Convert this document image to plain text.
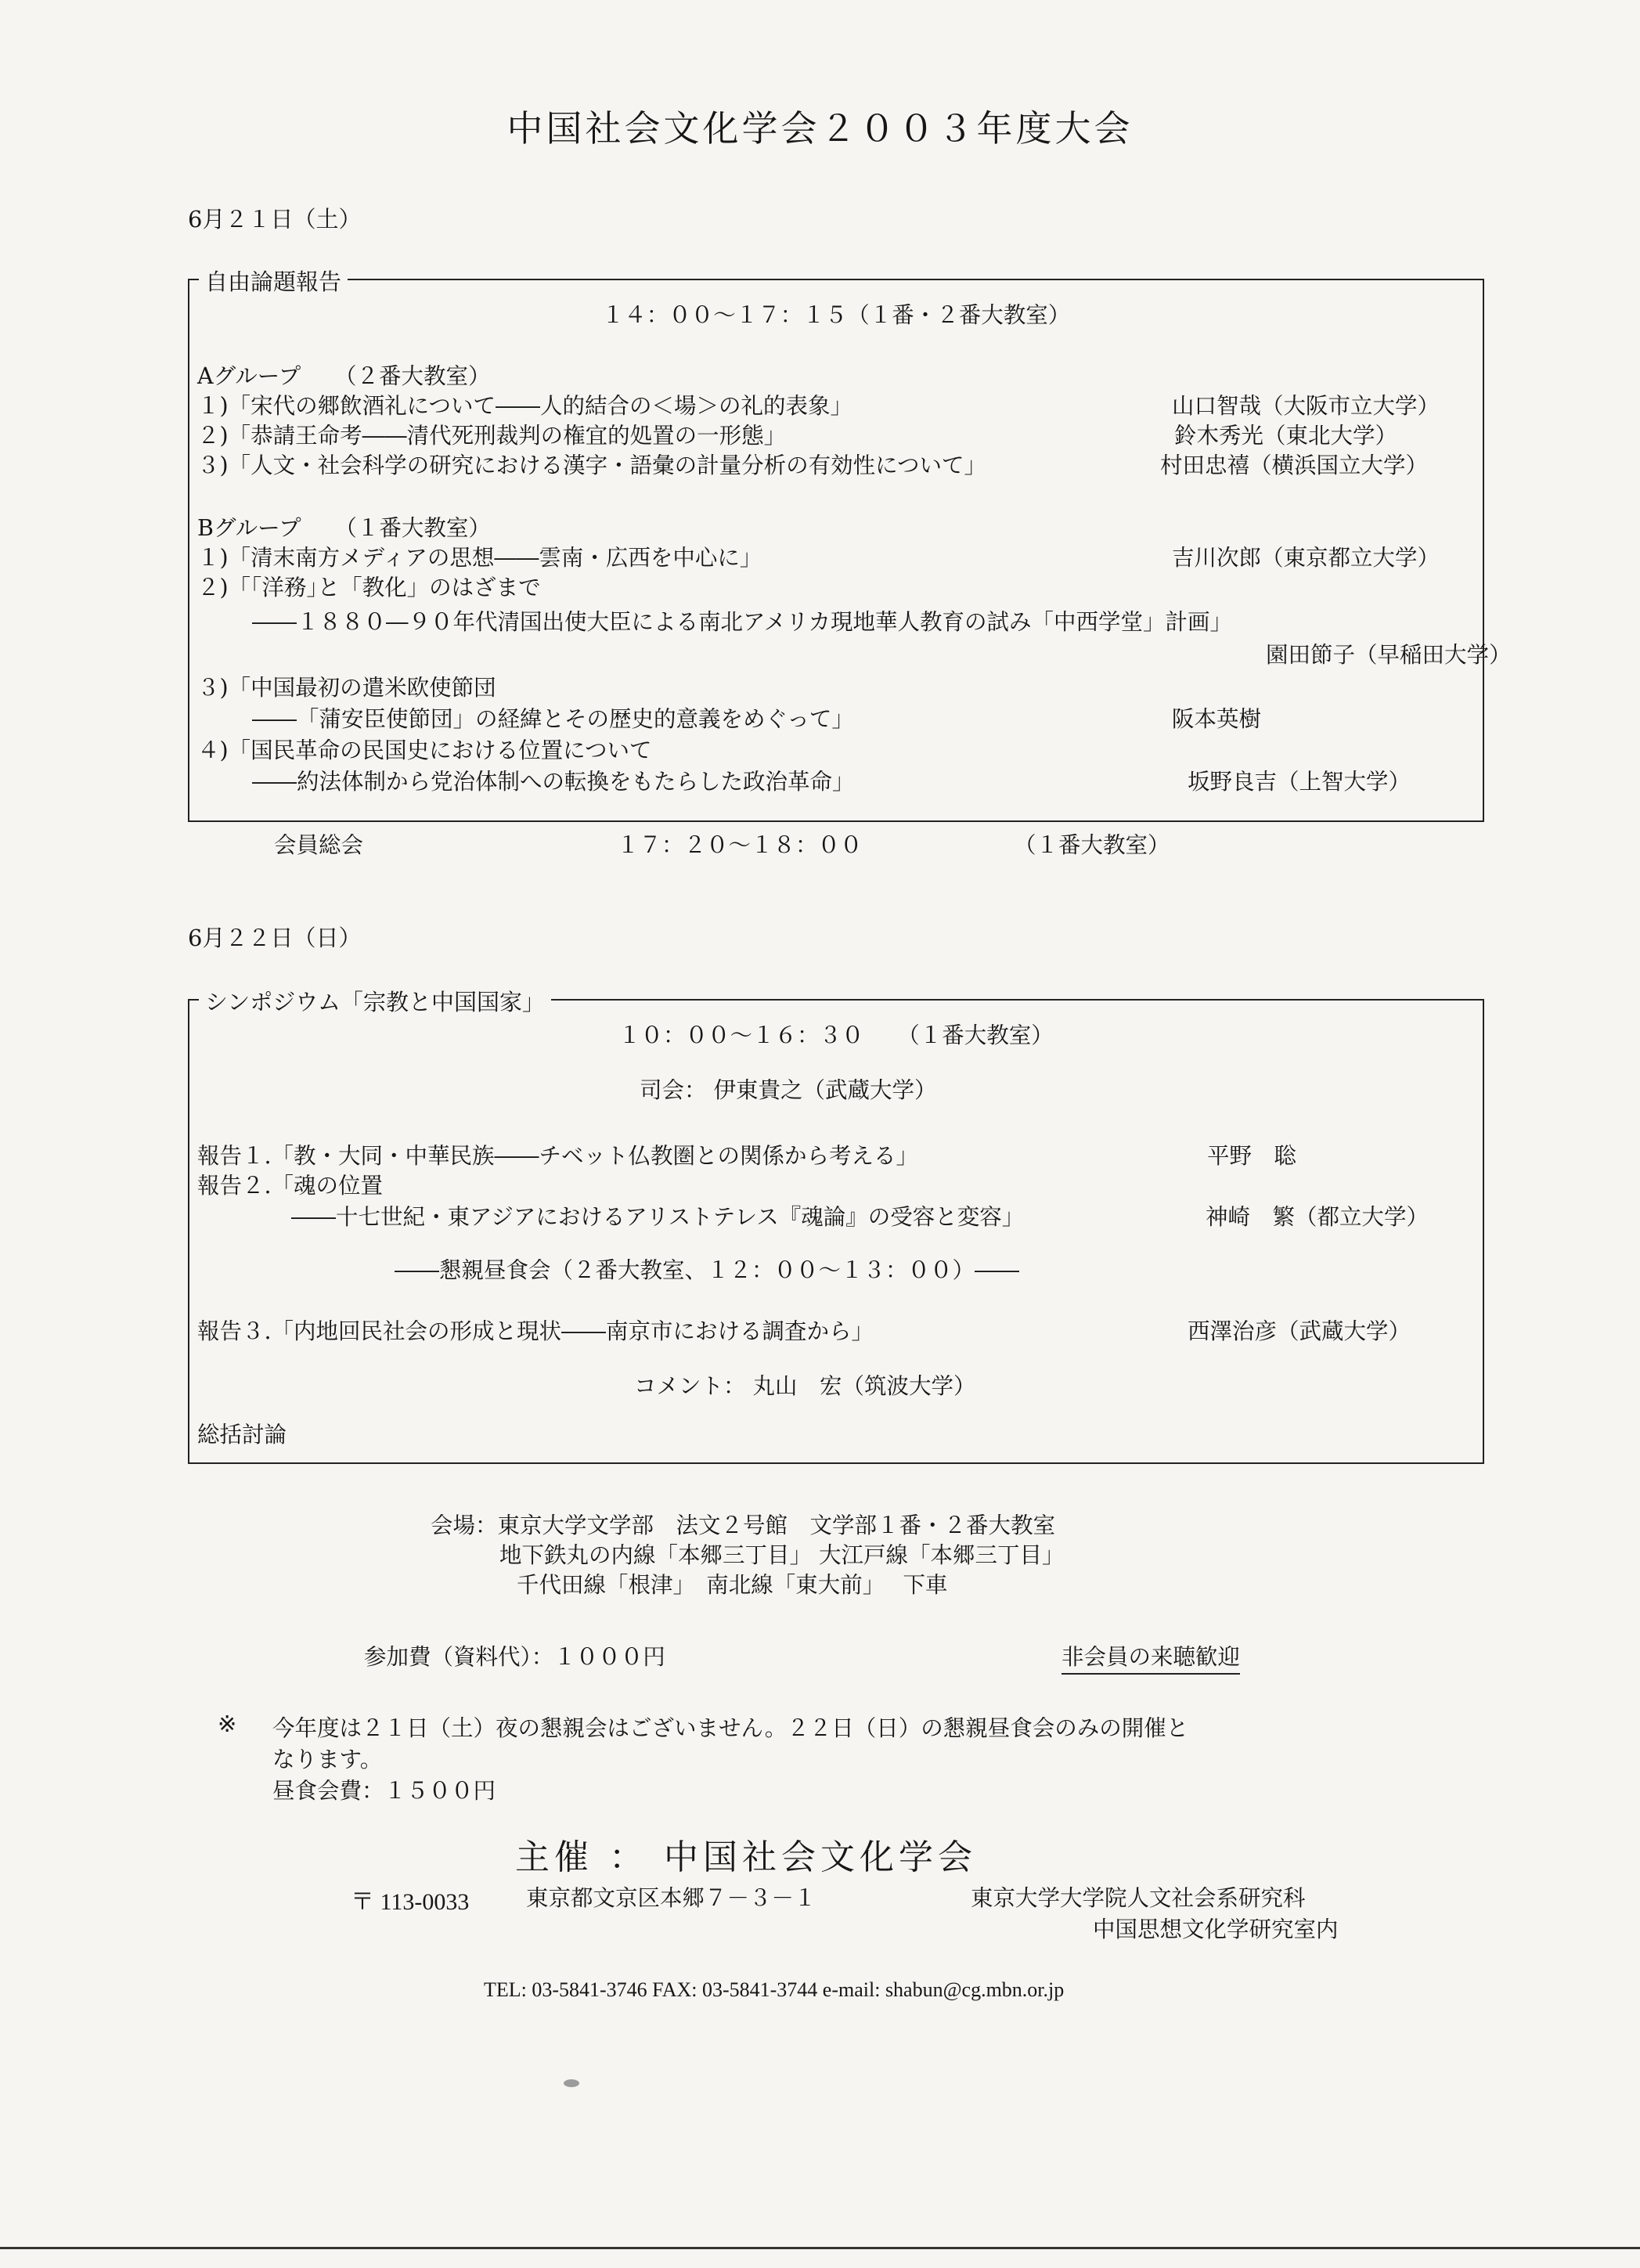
中国社会文化学会２００３年度大会
6月２１日（土）
自由論題報告
１４：００～１７：１５（１番・２番大教室）
Aグループ　　（２番大教室）
１)「宋代の郷飲酒礼について――人的結合の＜場＞の礼的表象」	山口智哉（大阪市立大学）
２)「恭請王命考――清代死刑裁判の権宜的処置の一形態」	鈴木秀光（東北大学）
３)「人文・社会科学の研究における漢字・語彙の計量分析の有効性について」	村田忠禧（横浜国立大学）
Bグループ　　（１番大教室）
１)「清末南方メディアの思想――雲南・広西を中心に」	吉川次郎（東京都立大学）
２)「｢洋務｣と「教化」のはざまで
――１８８０―９０年代清国出使大臣による南北アメリカ現地華人教育の試み「中西学堂」計画」
園田節子（早稲田大学）
３)「中国最初の遣米欧使節団
――「蒲安臣使節団」の経緯とその歴史的意義をめぐって」	阪本英樹
４)「国民革命の民国史における位置について
――約法体制から党治体制への転換をもたらした政治革命」	坂野良吉（上智大学）
会員総会	１７：２０～１８：００	（１番大教室）
6月２２日（日）
シンポジウム「宗教と中国国家」
１０：００～１６：３０　　（１番大教室）
司会： 伊東貴之（武蔵大学）
報告１.「教・大同・中華民族――チベット仏教圏との関係から考える」	平野　聡
報告２.「魂の位置
――十七世紀・東アジアにおけるアリストテレス『魂論』の受容と変容」	神崎　繁（都立大学）
――懇親昼食会（２番大教室、１２：００～１３：００）――
報告３.「内地回民社会の形成と現状――南京市における調査から」	西澤治彦（武蔵大学）
コメント： 丸山　宏（筑波大学）
総括討論
会場：東京大学文学部　法文２号館　文学部１番・２番大教室
地下鉄丸の内線「本郷三丁目」 大江戸線「本郷三丁目」
千代田線「根津」　南北線「東大前」　 下車
参加費（資料代）：１０００円	非会員の来聴歓迎
※ 今年度は２１日（土）夜の懇親会はございません。２２日（日）の懇親昼食会のみの開催と
なります。
昼食会費：１５００円
主催 ： 中国社会文化学会
〒 113-0033	東京都文京区本郷７－３－１	東京大学大学院人文社会系研究科
中国思想文化学研究室内
TEL: 03-5841-3746 FAX: 03-5841-3744 e-mail: shabun@cg.mbn.or.jp
